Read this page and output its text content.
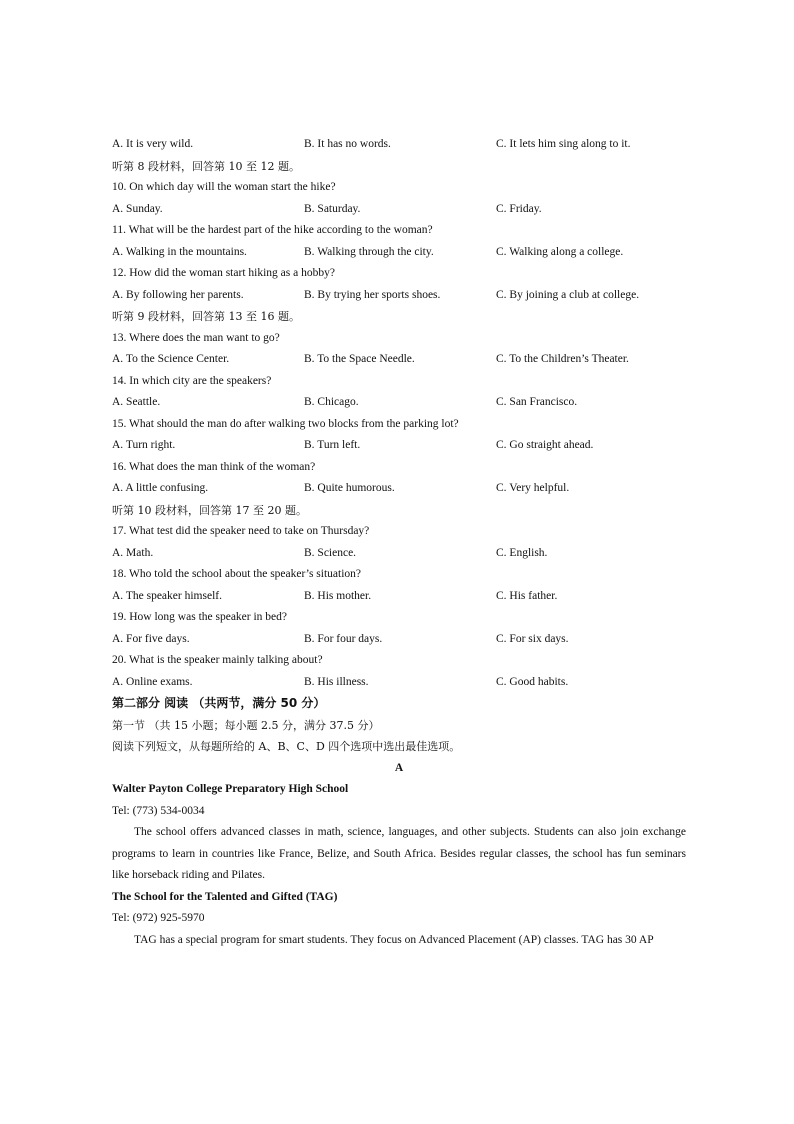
A. It is very wild.	B. It has no words.	C. It lets him sing along to it.
听第 8 段材料，回答第 10 至 12 题。
10. On which day will the woman start the hike?
A. Sunday.	B. Saturday.	C. Friday.
11. What will be the hardest part of the hike according to the woman?
A. Walking in the mountains.	B. Walking through the city.	C. Walking along a college.
12. How did the woman start hiking as a hobby?
A. By following her parents.	B. By trying her sports shoes.	C. By joining a club at college.
听第 9 段材料，回答第 13 至 16 题。
13. Where does the man want to go?
A. To the Science Center.	B. To the Space Needle.	C. To the Children’s Theater.
14. In which city are the speakers?
A. Seattle.	B. Chicago.	C. San Francisco.
15. What should the man do after walking two blocks from the parking lot?
A. Turn right.	B. Turn left.	C. Go straight ahead.
16. What does the man think of the woman?
A. A little confusing.	B. Quite humorous.	C. Very helpful.
听第 10 段材料，回答第 17 至 20 题。
17. What test did the speaker need to take on Thursday?
A. Math.	B. Science.	C. English.
18. Who told the school about the speaker’s situation?
A. The speaker himself.	B. His mother.	C. His father.
19. How long was the speaker in bed?
A. For five days.	B. For four days.	C. For six days.
20. What is the speaker mainly talking about?
A. Online exams.	B. His illness.	C. Good habits.
第二部分 阅读 （共两节，满分 50 分）
第一节 （共 15 小题；每小题 2.5 分，满分 37.5 分）
阅读下列短文，从每题所给的 A、B、C、D 四个选项中选出最佳选项。
A
Walter Payton College Preparatory High School
Tel: (773) 534-0034
The school offers advanced classes in math, science, languages, and other subjects. Students can also join exchange programs to learn in countries like France, Belize, and South Africa. Besides regular classes, the school has fun seminars like horseback riding and Pilates.
The School for the Talented and Gifted (TAG)
Tel: (972) 925-5970
TAG has a special program for smart students. They focus on Advanced Placement (AP) classes. TAG has 30 AP
